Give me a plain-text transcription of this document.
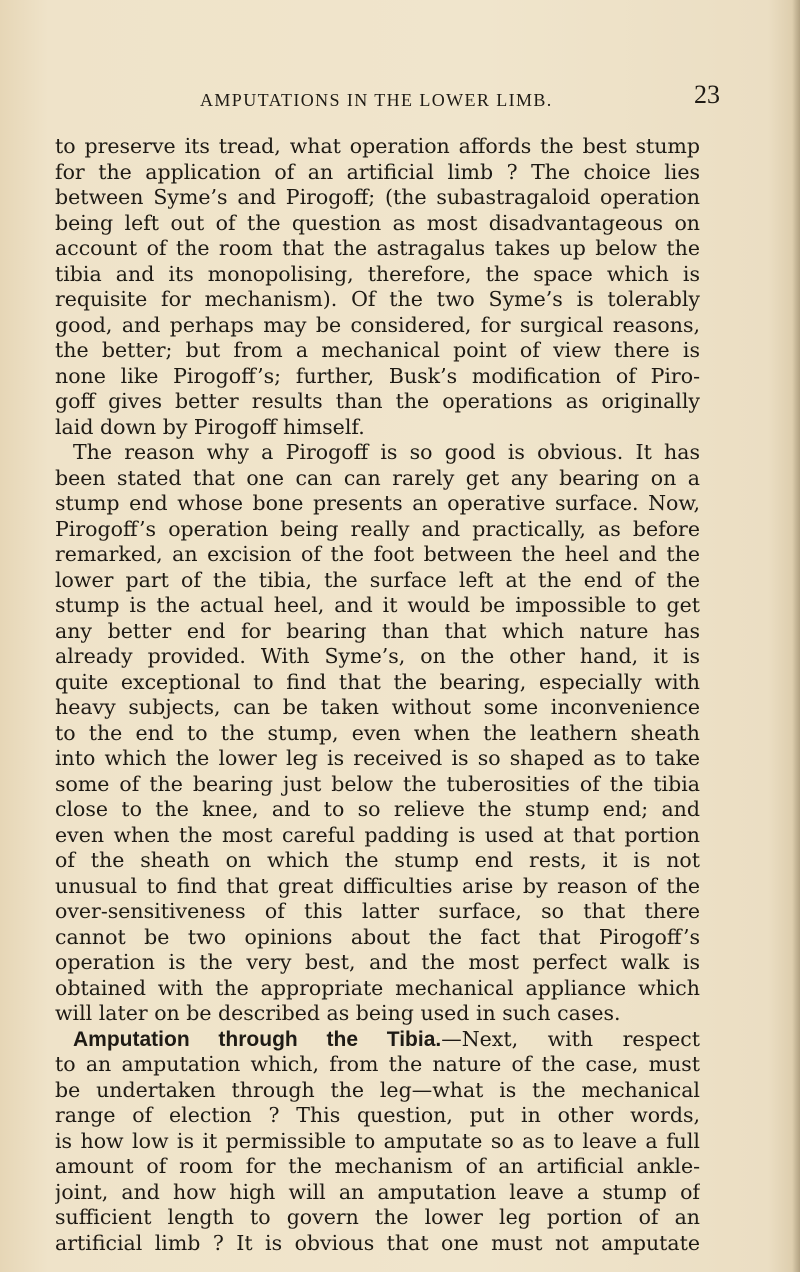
AMPUTATIONS IN THE LOWER LIMB.	23
to preserve its tread, what operation affords the best stump
for the application of an artificial limb ? The choice lies
between Syme’s and Pirogoff; (the subastragaloid operation
being left out of the question as most disadvantageous on
account of the room that the astragalus takes up below the
tibia and its monopolising, therefore, the space which is
requisite for mechanism). Of the two Syme’s is tolerably
good, and perhaps may be considered, for surgical reasons,
the better; but from a mechanical point of view there is
none like Pirogoff’s; further, Busk’s modification of Piro-
goff gives better results than the operations as originally
laid down by Pirogoff himself.
The reason why a Pirogoff is so good is obvious. It has
been stated that one can can rarely get any bearing on a
stump end whose bone presents an operative surface. Now,
Pirogoff’s operation being really and practically, as before
remarked, an excision of the foot between the heel and the
lower part of the tibia, the surface left at the end of the
stump is the actual heel, and it would be impossible to get
any better end for bearing than that which nature has
already provided. With Syme’s, on the other hand, it is
quite exceptional to find that the bearing, especially with
heavy subjects, can be taken without some inconvenience
to the end to the stump, even when the leathern sheath
into which the lower leg is received is so shaped as to take
some of the bearing just below the tuberosities of the tibia
close to the knee, and to so relieve the stump end; and
even when the most careful padding is used at that portion
of the sheath on which the stump end rests, it is not
unusual to find that great difficulties arise by reason of the
over-sensitiveness of this latter surface, so that there
cannot be two opinions about the fact that Pirogoff’s
operation is the very best, and the most perfect walk is
obtained with the appropriate mechanical appliance which
will later on be described as being used in such cases.
Amputation through the Tibia.—Next, with respect
to an amputation which, from the nature of the case, must
be undertaken through the leg—what is the mechanical
range of election ? This question, put in other words,
is how low is it permissible to amputate so as to leave a full
amount of room for the mechanism of an artificial ankle-
joint, and how high will an amputation leave a stump of
sufficient length to govern the lower leg portion of an
artificial limb ? It is obvious that one must not amputate
